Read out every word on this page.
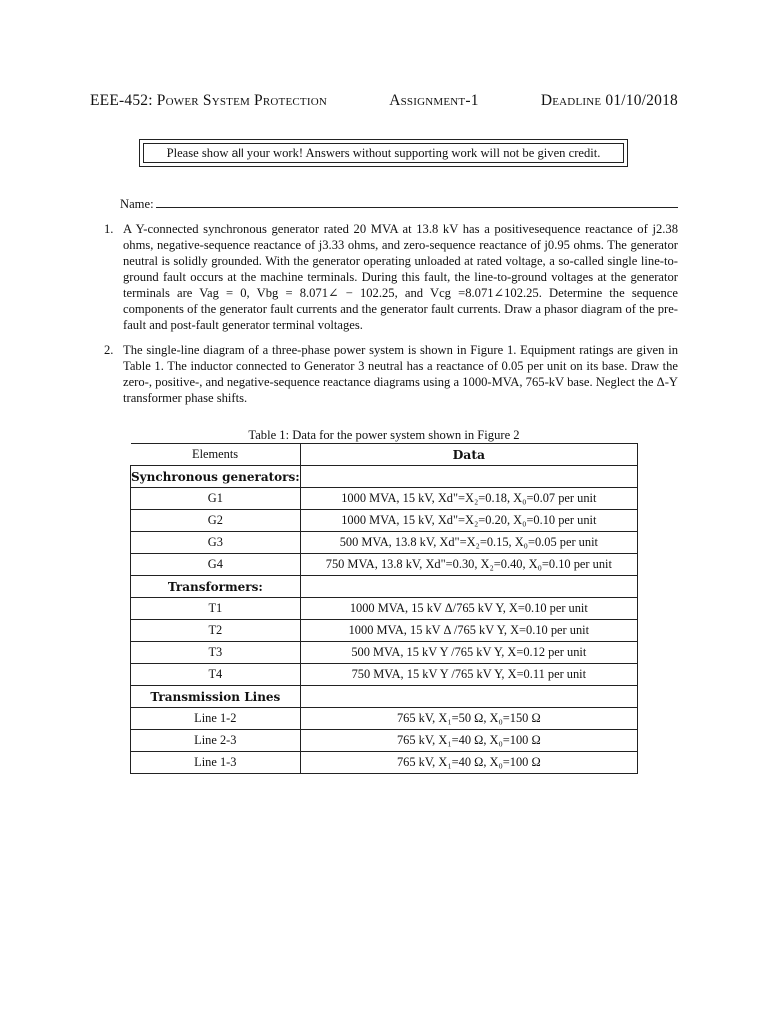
EEE-452: Power System Protection	Assignment-1	Deadline 01/10/2018
Please show all your work! Answers without supporting work will not be given credit.
Name:
1. A Y-connected synchronous generator rated 20 MVA at 13.8 kV has a positivesequence reactance of j2.38 ohms, negative-sequence reactance of j3.33 ohms, and zero-sequence reactance of j0.95 ohms. The generator neutral is solidly grounded. With the generator operating unloaded at rated voltage, a so-called single line-to-ground fault occurs at the machine terminals. During this fault, the line-to-ground voltages at the generator terminals are Vag = 0, Vbg = 8.071∠ − 102.25, and Vcg =8.071∠102.25. Determine the sequence components of the generator fault currents and the generator fault currents. Draw a phasor diagram of the pre-fault and post-fault generator terminal voltages.
2. The single-line diagram of a three-phase power system is shown in Figure 1. Equipment ratings are given in Table 1. The inductor connected to Generator 3 neutral has a reactance of 0.05 per unit on its base. Draw the zero-, positive-, and negative-sequence reactance diagrams using a 1000-MVA, 765-kV base. Neglect the Δ-Y transformer phase shifts.
Table 1: Data for the power system shown in Figure 2
Elements	Data
Synchronous generators:	
G1	1000 MVA, 15 kV, Xd"=X₂=0.18, X₀=0.07 per unit
G2	1000 MVA, 15 kV, Xd"=X₂=0.20, X₀=0.10 per unit
G3	500 MVA, 13.8 kV, Xd"=X₂=0.15, X₀=0.05 per unit
G4	750 MVA, 13.8 kV, Xd"=0.30, X₂=0.40, X₀=0.10 per unit
Transformers:	
T1	1000 MVA, 15 kV Δ/765 kV Y, X=0.10 per unit
T2	1000 MVA, 15 kV Δ /765 kV Y, X=0.10 per unit
T3	500 MVA, 15 kV Y /765 kV Y, X=0.12 per unit
T4	750 MVA, 15 kV Y /765 kV Y, X=0.11 per unit
Transmission Lines	
Line 1-2	765 kV, X₁=50 Ω, X₀=150 Ω
Line 2-3	765 kV, X₁=40 Ω, X₀=100 Ω
Line 1-3	765 kV, X₁=40 Ω, X₀=100 Ω
